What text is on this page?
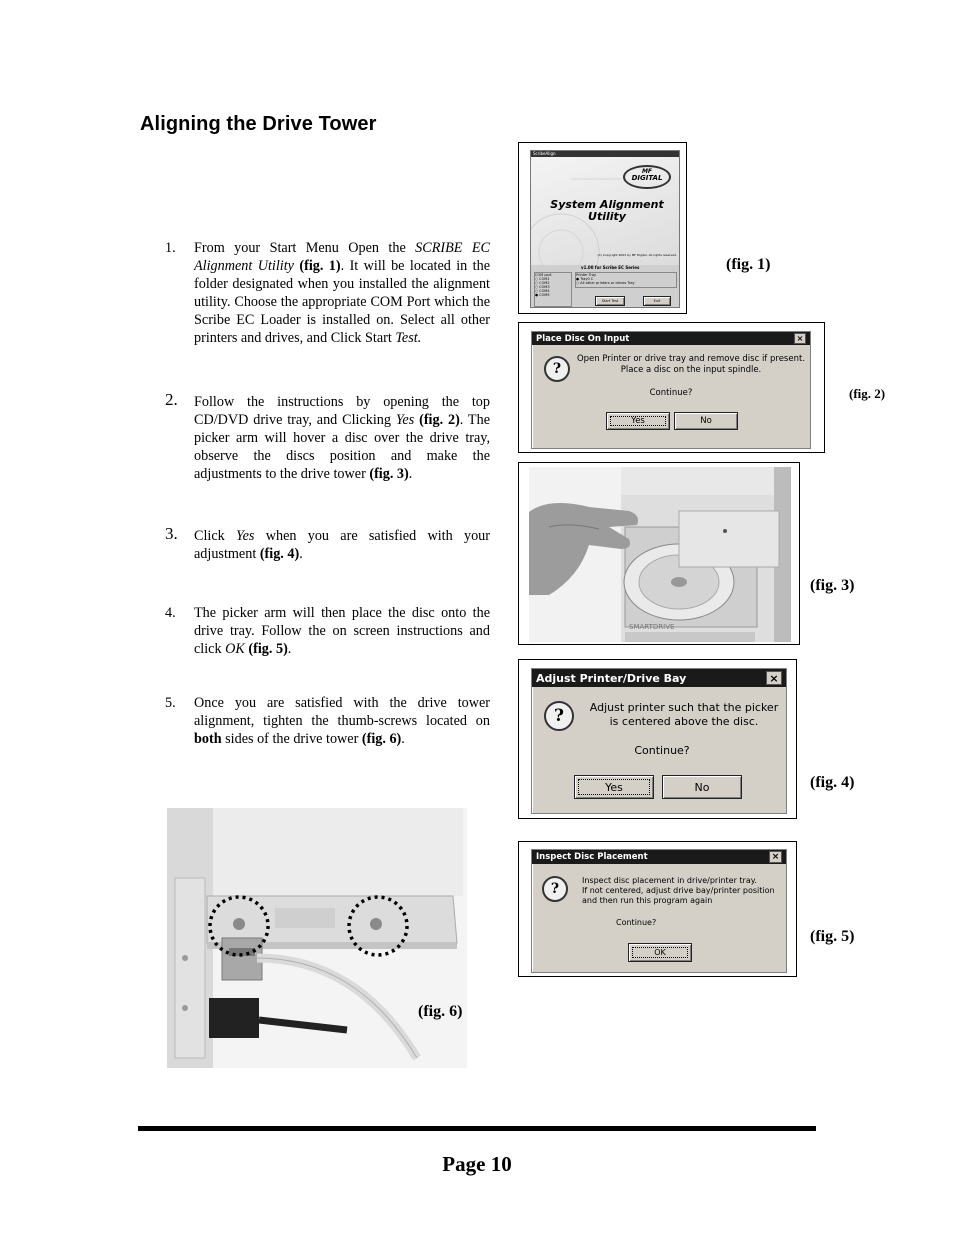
Aligning the Drive Tower
1.	From your Start Menu Open the SCRIBE EC Alignment Utility (fig. 1). It will be located in the folder designated when you installed the alignment utility. Choose the appropriate COM Port which the Scribe EC Loader is installed on. Select all other printers and drives, and Click Start Test.
2.	Follow the instructions by opening the top CD/DVD drive tray, and Clicking Yes (fig. 2). The picker arm will hover a disc over the drive tray, observe the discs position and make the adjustments to the drive tower (fig. 3).
3.	Click Yes when you are satisfied with your adjustment (fig. 4).
4.	The picker arm will then place the disc onto the drive tray. Follow the on screen instructions and click OK (fig. 5).
5.	Once you are satisfied with the drive tower alignment, tighten the thumb-screws located on both sides of the drive tower (fig. 6).
ScribeAlign
MF
DIGITAL
System Alignment
Utility
(C) Copyright 2003 by MF Digital. All rights reserved.
v1.00 for Scribe EC Series
COM port
○ COM1
○ COM2
○ COM3
○ COM4
● COM5
Printer Tray
● Tray0 C
○ All other printers or drives Tray
Start Test	Exit
(fig. 1)
Place Disc On Input	×
?
Open Printer or drive tray and remove disc if present.
Place a disc on the input spindle.
Continue?
Yes	No
(fig. 2)
SMARTDRIVE
(fig. 3)
Adjust Printer/Drive Bay	×
?	Adjust printer such that the picker
is centered above the disc.
Continue?
Yes	No	(fig. 4)
Inspect Disc Placement	×
?
Inspect disc placement in drive/printer tray.
If not centered, adjust drive bay/printer position
and then run this program again
Continue?
OK
(fig. 5)
(fig. 6)
Page 10
